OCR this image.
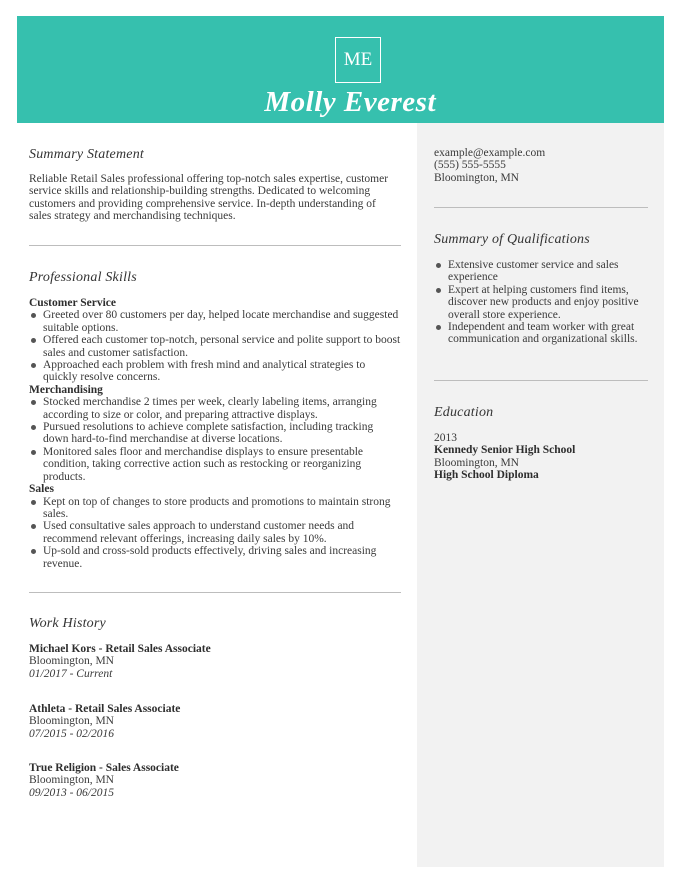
ME
Molly Everest
example@example.com
(555) 555-5555
Bloomington, MN
Summary of Qualifications
Extensive customer service and sales experience
Expert at helping customers find items, discover new products and enjoy positive overall store experience.
Independent and team worker with great communication and organizational skills.
Education
2013
Kennedy Senior High School
Bloomington, MN
High School Diploma
Summary Statement
Reliable Retail Sales professional offering top-notch sales expertise, customer service skills and relationship-building strengths. Dedicated to welcoming customers and providing comprehensive service. In-depth understanding of sales strategy and merchandising techniques.
Professional Skills
Customer Service
Greeted over 80 customers per day, helped locate merchandise and suggested suitable options.
Offered each customer top-notch, personal service and polite support to boost sales and customer satisfaction.
Approached each problem with fresh mind and analytical strategies to quickly resolve concerns.
Merchandising
Stocked merchandise 2 times per week, clearly labeling items, arranging according to size or color, and preparing attractive displays.
Pursued resolutions to achieve complete satisfaction, including tracking down hard-to-find merchandise at diverse locations.
Monitored sales floor and merchandise displays to ensure presentable condition, taking corrective action such as restocking or reorganizing products.
Sales
Kept on top of changes to store products and promotions to maintain strong sales.
Used consultative sales approach to understand customer needs and recommend relevant offerings, increasing daily sales by 10%.
Up-sold and cross-sold products effectively, driving sales and increasing revenue.
Work History
Michael Kors - Retail Sales Associate
Bloomington, MN
01/2017 - Current
Athleta - Retail Sales Associate
Bloomington, MN
07/2015 - 02/2016
True Religion - Sales Associate
Bloomington, MN
09/2013 - 06/2015
